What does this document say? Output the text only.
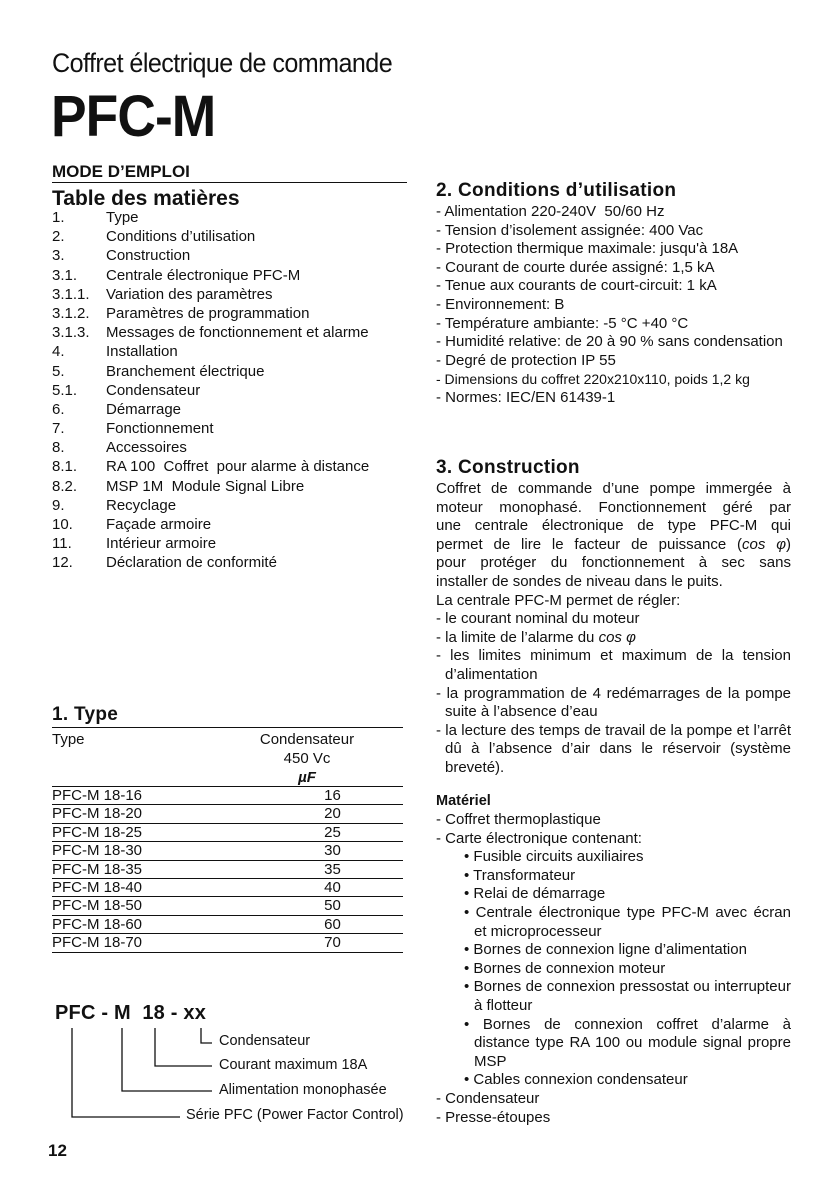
Coffret électrique de commande
PFC-M
MODE D’EMPLOI
Table des matières
1.	Type
2.	Conditions d’utilisation
3.	Construction
3.1.	Centrale électronique PFC-M
3.1.1.	Variation des paramètres
3.1.2.	Paramètres de programmation
3.1.3.	Messages de fonctionnement et alarme
4.	Installation
5.	Branchement électrique
5.1.	Condensateur
6.	Démarrage
7.	Fonctionnement
8.	Accessoires
8.1.	RA 100  Coffret  pour alarme à distance
8.2.	MSP 1M  Module Signal Libre
9.	Recyclage
10.	Façade armoire
11.	Intérieur armoire
12.	Déclaration de conformité
1. Type
Type	Condensateur
450 Vc
µF
PFC-M 18-16	16
PFC-M 18-20	20
PFC-M 18-25	25
PFC-M 18-30	30
PFC-M 18-35	35
PFC-M 18-40	40
PFC-M 18-50	50
PFC-M 18-60	60
PFC-M 18-70	70
PFC - M 18 - xx
Condensateur
Courant maximum 18A
Alimentation monophasée
Série PFC (Power Factor Control)
12
2. Conditions d’utilisation
- Alimentation 220-240V  50/60 Hz
- Tension d’isolement assignée: 400 Vac
- Protection thermique maximale: jusqu'à 18A
- Courant de courte durée assigné: 1,5 kA
- Tenue aux courants de court-circuit: 1 kA
- Environnement: B
- Température ambiante: -5 °C +40 °C
- Humidité relative: de 20 à 90 % sans condensation
- Degré de protection IP 55
- Dimensions du coffret 220x210x110, poids 1,2 kg
- Normes: IEC/EN 61439-1
3. Construction
Coffret de commande d’une pompe immergée à
moteur monophasé. Fonctionnement géré par
une centrale électronique de type PFC-M qui
permet de lire le facteur de puissance (cos φ)
pour protéger du fonctionnement à sec sans
installer de sondes de niveau dans le puits.
La centrale PFC-M permet de régler:
- le courant nominal du moteur
- la limite de l’alarme du cos φ
- les limites minimum et maximum de la tension d’alimentation
- la programmation de 4 redémarrages de la pompe suite à l’absence d’eau
- la lecture des temps de travail de la pompe et l’arrêt dû à l’absence d’air dans le réservoir (système breveté).
Matériel
- Coffret thermoplastique
- Carte électronique contenant:
• Fusible circuits auxiliaires
• Transformateur
• Relai de démarrage
• Centrale électronique type PFC-M avec écran et microprocesseur
• Bornes de connexion ligne d’alimentation
• Bornes de connexion moteur
• Bornes de connexion pressostat ou interrupteur à flotteur
• Bornes de connexion coffret d’alarme à distance type RA 100 ou module signal propre MSP
• Cables connexion condensateur
- Condensateur
- Presse-étoupes
